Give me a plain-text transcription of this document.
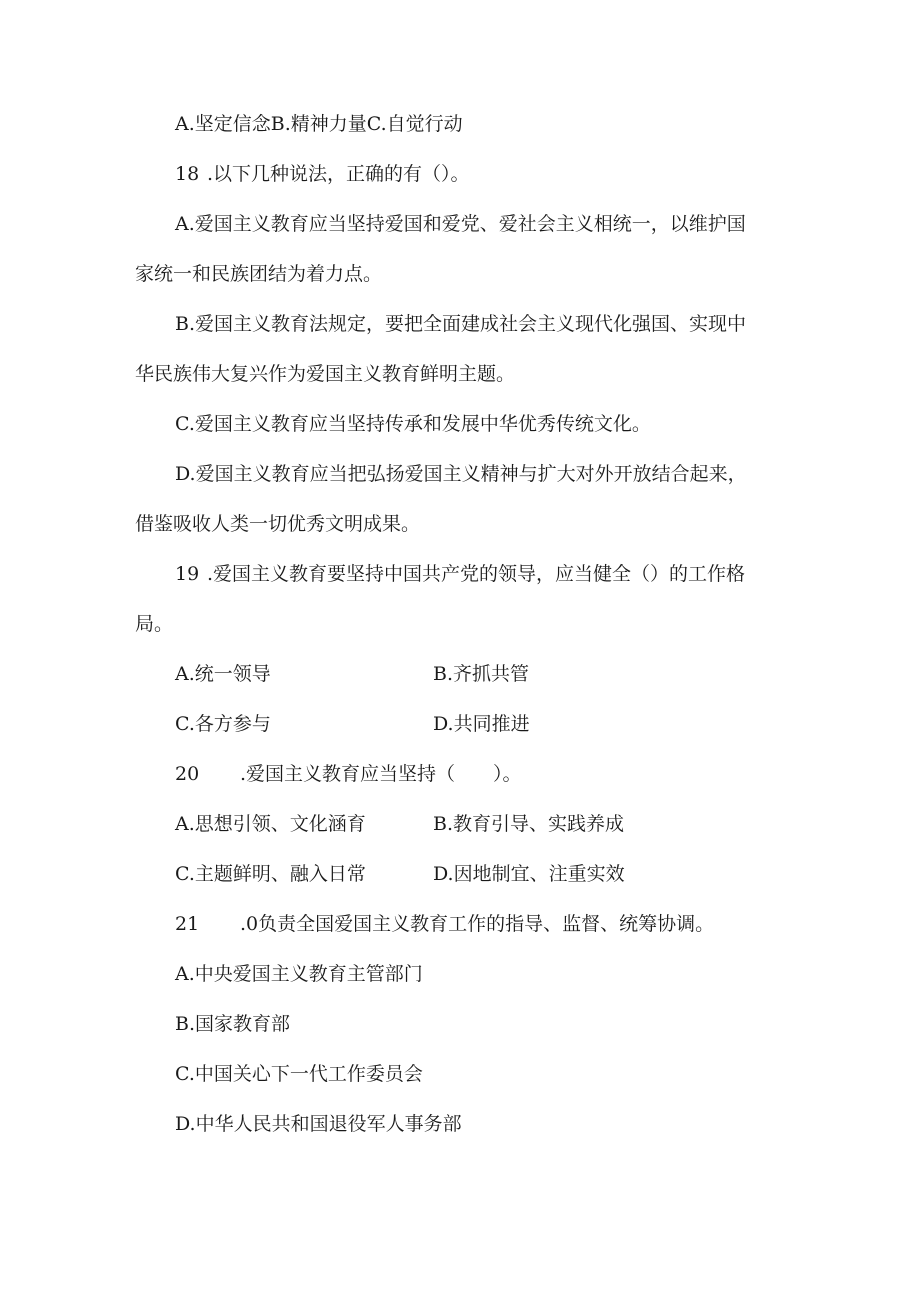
A.坚定信念B.精神力量C.自觉行动
18 .以下几种说法，正确的有（）。
A.爱国主义教育应当坚持爱国和爱党、爱社会主义相统一，以维护国
家统一和民族团结为着力点。
B.爱国主义教育法规定，要把全面建成社会主义现代化强国、实现中
华民族伟大复兴作为爱国主义教育鲜明主题。
C.爱国主义教育应当坚持传承和发展中华优秀传统文化。
D.爱国主义教育应当把弘扬爱国主义精神与扩大对外开放结合起来，
借鉴吸收人类一切优秀文明成果。
19 .爱国主义教育要坚持中国共产党的领导，应当健全（）的工作格
局。
A.统一领导	B.齐抓共管
C.各方参与	D.共同推进
20 .爱国主义教育应当坚持（　　）。
A.思想引领、文化涵育	B.教育引导、实践养成
C.主题鲜明、融入日常	D.因地制宜、注重实效
21 .0负责全国爱国主义教育工作的指导、监督、统筹协调。
A.中央爱国主义教育主管部门
B.国家教育部
C.中国关心下一代工作委员会
D.中华人民共和国退役军人事务部
